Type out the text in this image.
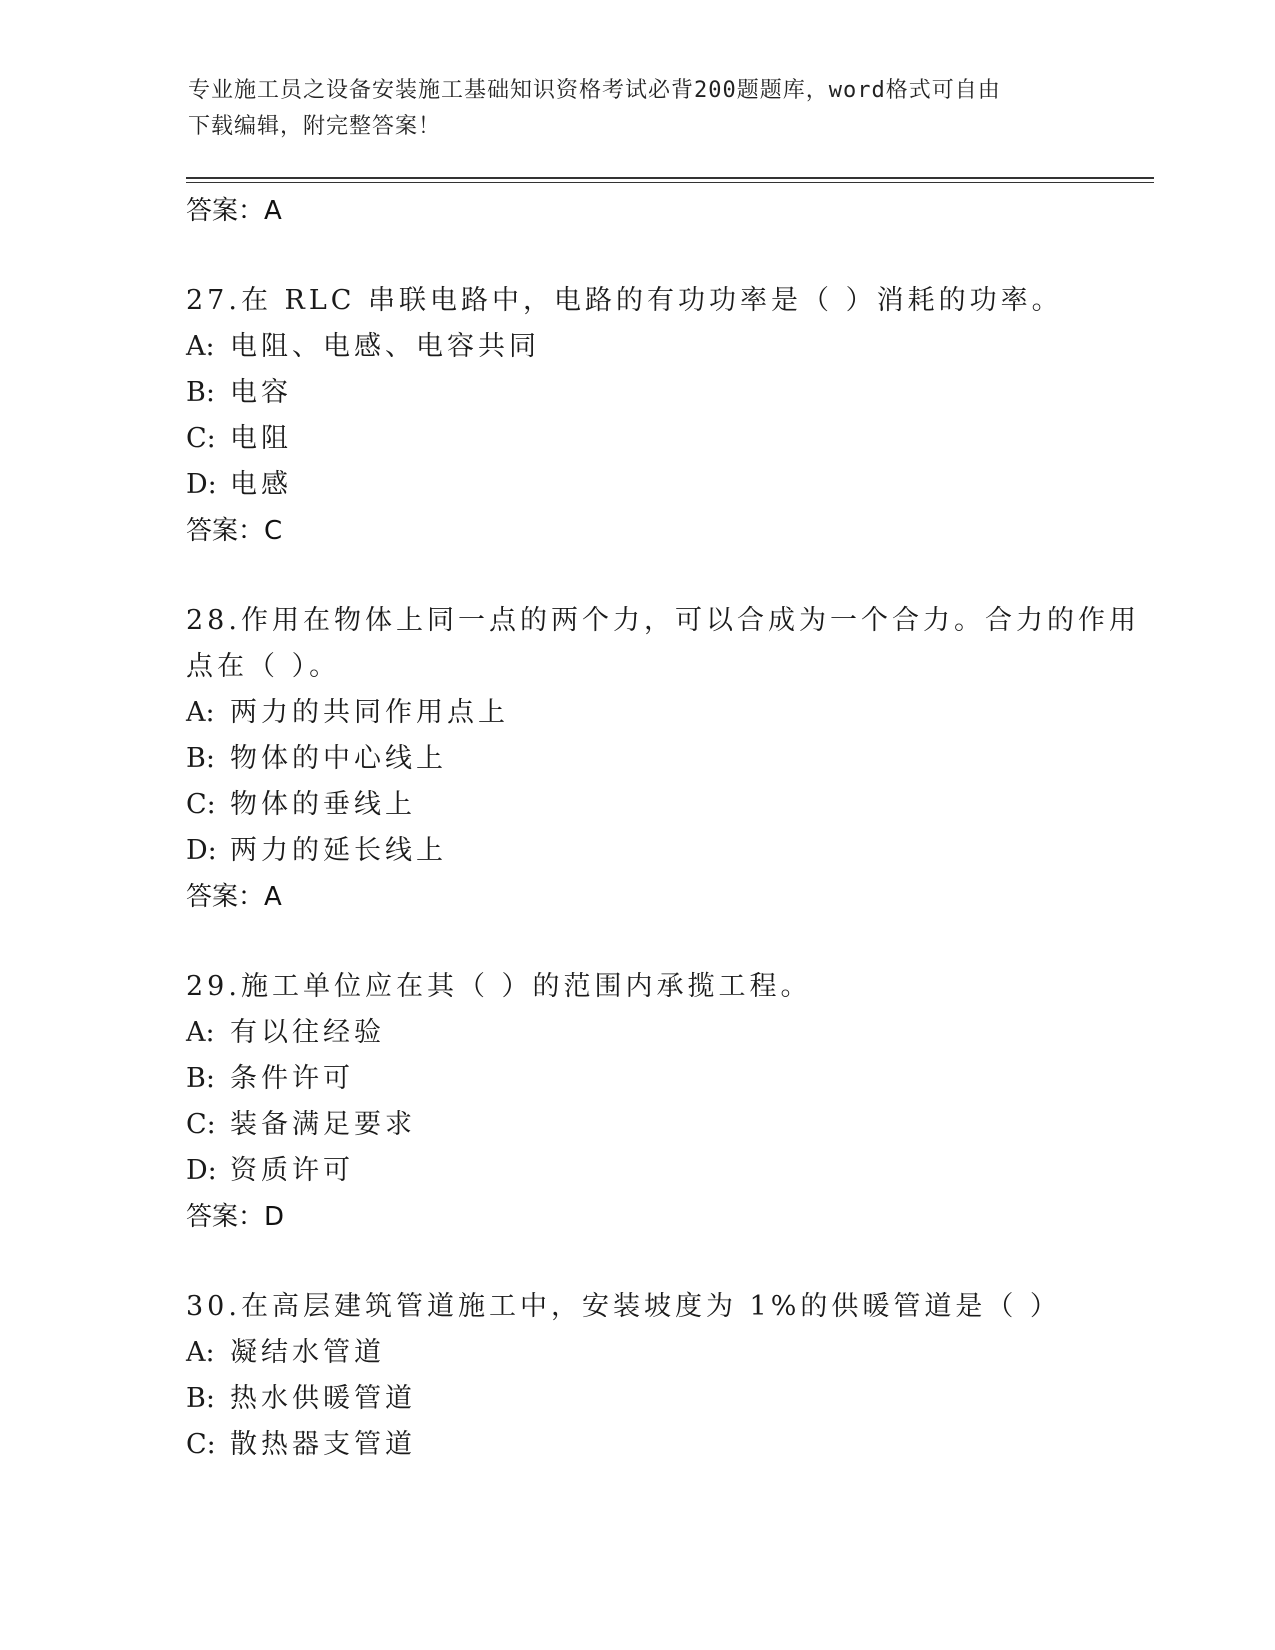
专业施工员之设备安装施工基础知识资格考试必背200题题库，word格式可自由
下载编辑，附完整答案！
答案：A
27.在 RLC 串联电路中，电路的有功功率是（ ）消耗的功率。
A: 电阻、电感、电容共同
B: 电容
C: 电阻
D: 电感
答案：C
28.作用在物体上同一点的两个力，可以合成为一个合力。合力的作用
点在（ ）。
A: 两力的共同作用点上
B: 物体的中心线上
C: 物体的垂线上
D: 两力的延长线上
答案：A
29.施工单位应在其（ ）的范围内承揽工程。
A: 有以往经验
B: 条件许可
C: 装备满足要求
D: 资质许可
答案：D
30.在高层建筑管道施工中，安装坡度为 1%的供暖管道是（ ）
A: 凝结水管道
B: 热水供暖管道
C: 散热器支管道
